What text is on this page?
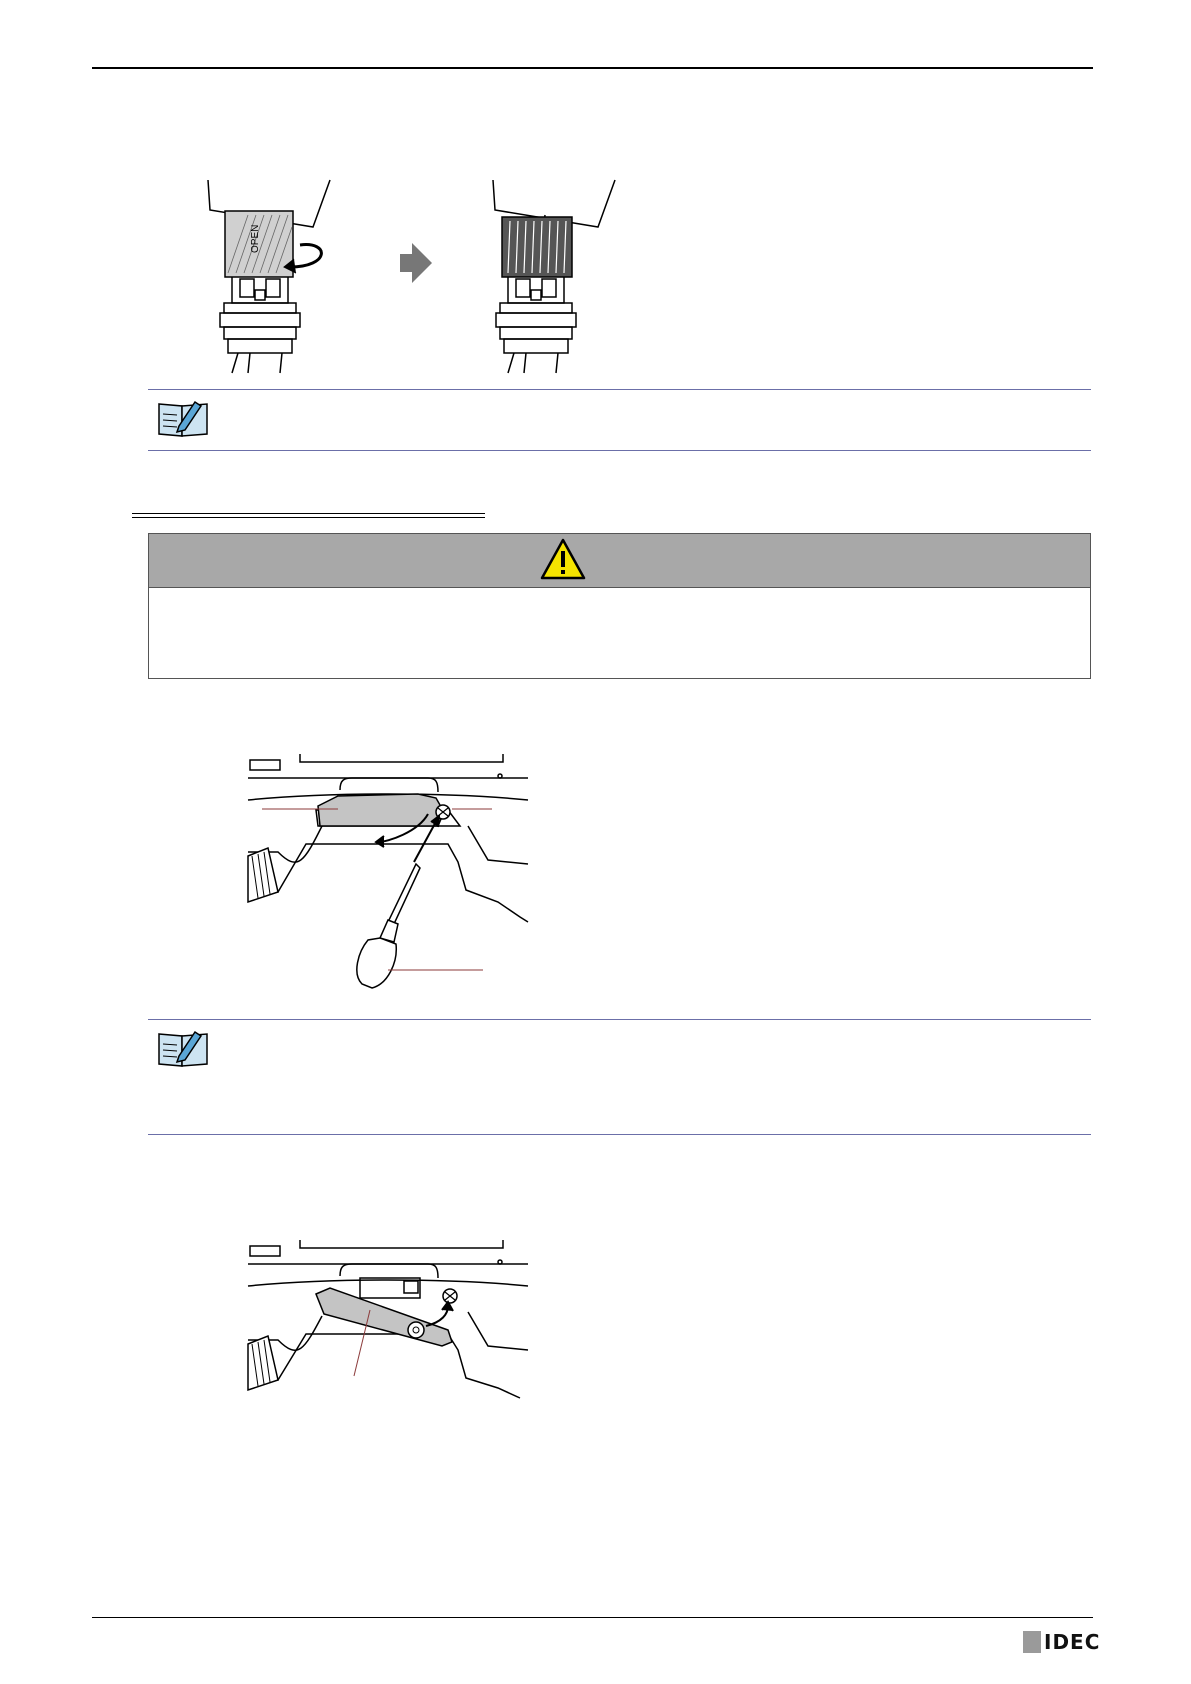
OPEN
IDEC
